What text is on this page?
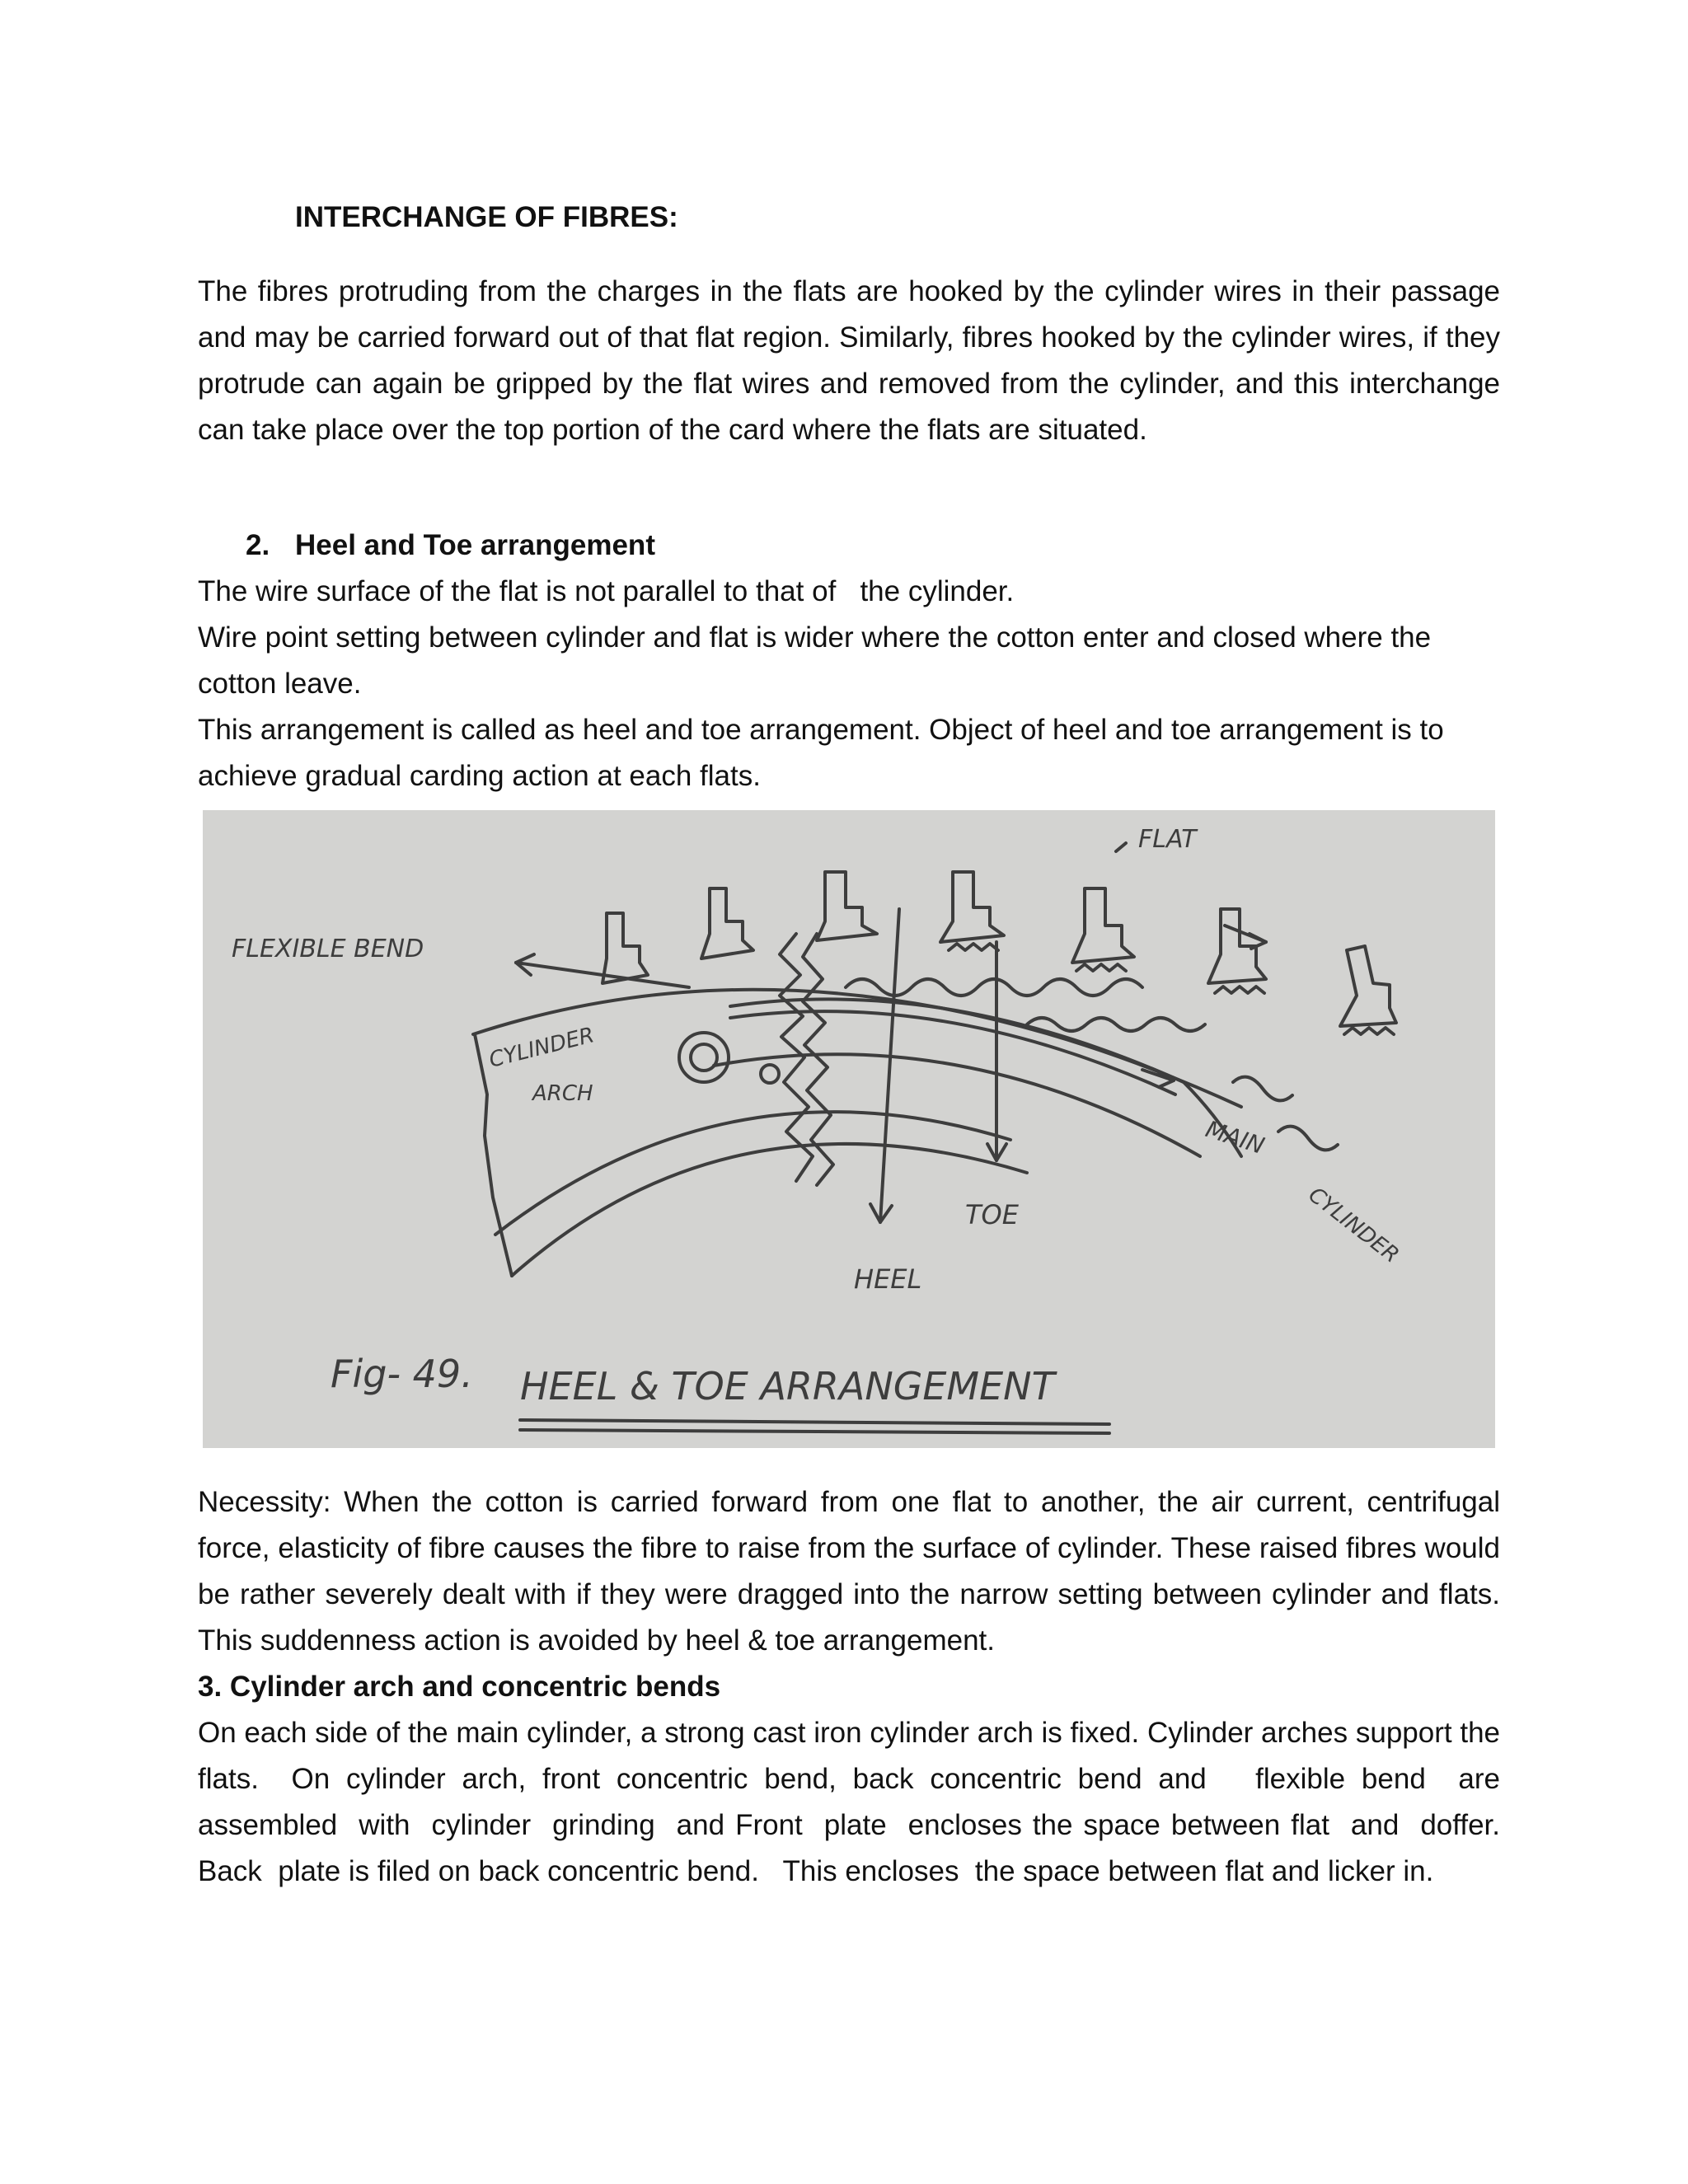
INTERCHANGE OF FIBRES:
The fibres protruding from the charges in the flats are hooked by the cylinder wires in their passage and may be carried forward out of that flat region. Similarly, fibres hooked by the cylinder wires, if they protrude can again be gripped by the flat wires and removed from the cylinder, and this interchange can take place over the top portion of the card where the flats are situated.
2. Heel and Toe arrangement
The wire surface of the flat is not parallel to that of   the cylinder.
Wire point setting between cylinder and flat is wider where the cotton enter and closed where the cotton leave.
This arrangement is called as heel and toe arrangement. Object of heel and toe arrangement is to achieve gradual carding action at each flats.
FLAT
FLEXIBLE BEND
CYLINDER
ARCH
MAIN
CYLINDER
TOE
HEEL
Fig- 49. HEEL & TOE ARRANGEMENT
Necessity: When the cotton is carried forward from one flat to another, the air current, centrifugal force, elasticity of fibre causes the fibre to raise from the surface of cylinder. These raised fibres would be rather severely dealt with if they were dragged into the narrow setting between cylinder and flats. This suddenness action is avoided by heel & toe arrangement.
3. Cylinder arch and concentric bends
On each side of the main cylinder, a strong cast iron cylinder arch is fixed. Cylinder arches support the flats.  On cylinder arch, front concentric bend, back concentric bend and   flexible bend  are assembled  with  cylinder  grinding  and Front  plate  encloses the space between flat  and  doffer.  Back  plate is filed on back concentric bend.   This encloses  the space between flat and licker in.
